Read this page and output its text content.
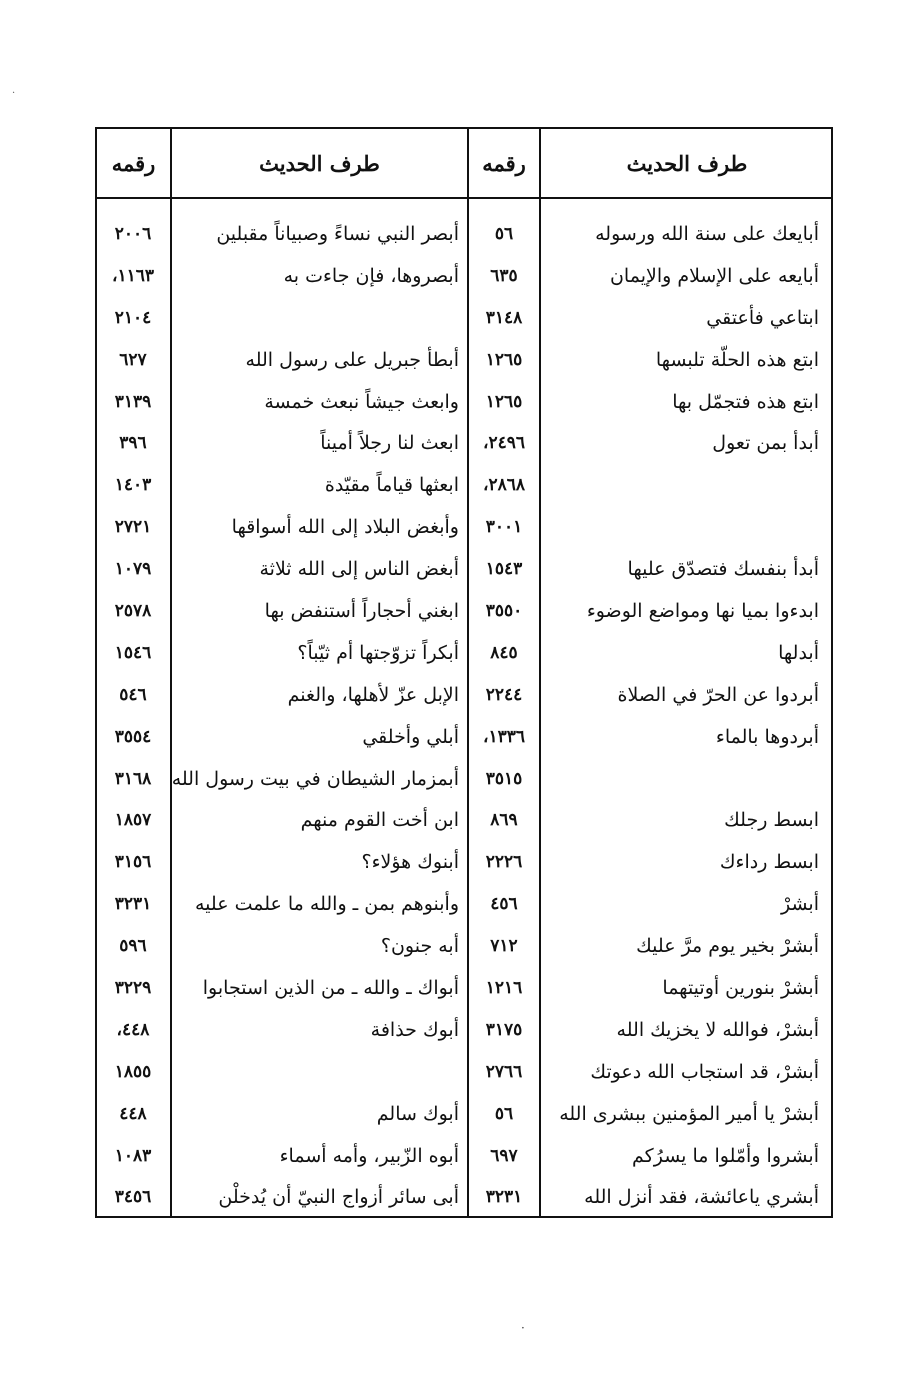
طرف الحديث
رقمه
طرف الحديث
رقمه
أبايعك على سنة الله ورسوله
٥٦
أبصر النبي نساءً وصبياناً مقبلين
٢٠٠٦
أبايعه على الإسلام والإيمان
٦٣٥
أبصروها، فإن جاءت به
١١٦٣،
ابتاعي فأعتقي
٣١٤٨
٢١٠٤
ابتع هذه الحلّة تلبسها
١٢٦٥
أبطأ جبريل على رسول الله
٦٢٧
ابتع هذه فتجمّل بها
١٢٦٥
وابعث جيشاً نبعث خمسة
٣١٣٩
أبدأ بمن تعول
٢٤٩٦،
ابعث لنا رجلاً أميناً
٣٩٦
٢٨٦٨،
ابعثها قياماً مقيّدة
١٤٠٣
٣٠٠١
وأبغض البلاد إلى الله أسواقها
٢٧٢١
أبدأ بنفسك فتصدّق عليها
١٥٤٣
أبغض الناس إلى الله ثلاثة
١٠٧٩
ابدءوا بميا نها ومواضع الوضوء
٣٥٥٠
ابغني أحجاراً أستنفض بها
٢٥٧٨
أبدلها
٨٤٥
أبكراً تزوّجتها أم ثيّباً؟
١٥٤٦
أبردوا عن الحرّ في الصلاة
٢٢٤٤
الإبل عزّ لأهلها، والغنم
٥٤٦
أبردوها بالماء
١٣٣٦،
أبلي وأخلقي
٣٥٥٤
٣٥١٥
أبمزمار الشيطان في بيت رسول الله
٣١٦٨
ابسط رجلك
٨٦٩
ابن أخت القوم منهم
١٨٥٧
ابسط رداءك
٢٢٢٦
أبنوك هؤلاء؟
٣١٥٦
أبشرْ
٤٥٦
وأبنوهم بمن ـ والله ما علمت عليه
٣٢٣١
أبشرْ بخير يوم مرَّ عليك
٧١٢
أبه جنون؟
٥٩٦
أبشرْ بنورين أوتيتهما
١٢١٦
أبواك ـ والله ـ من الذين استجابوا
٣٢٢٩
أبشرْ، فوالله لا يخزيك الله
٣١٧٥
أبوك حذافة
٤٤٨،
أبشرْ، قد استجاب الله دعوتك
٢٧٦٦
١٨٥٥
أبشرْ يا أمير المؤمنين ببشرى الله
٥٦
أبوك سالم
٤٤٨
أبشروا وأمّلوا ما يسرُكم
٦٩٧
أبوه الزّبير، وأمه أسماء
١٠٨٣
أبشري ياعائشة، فقد أنزل الله
٣٢٣١
أبى سائر أزواج النبيّ أن يُدخلْن
٣٤٥٦
·
·
